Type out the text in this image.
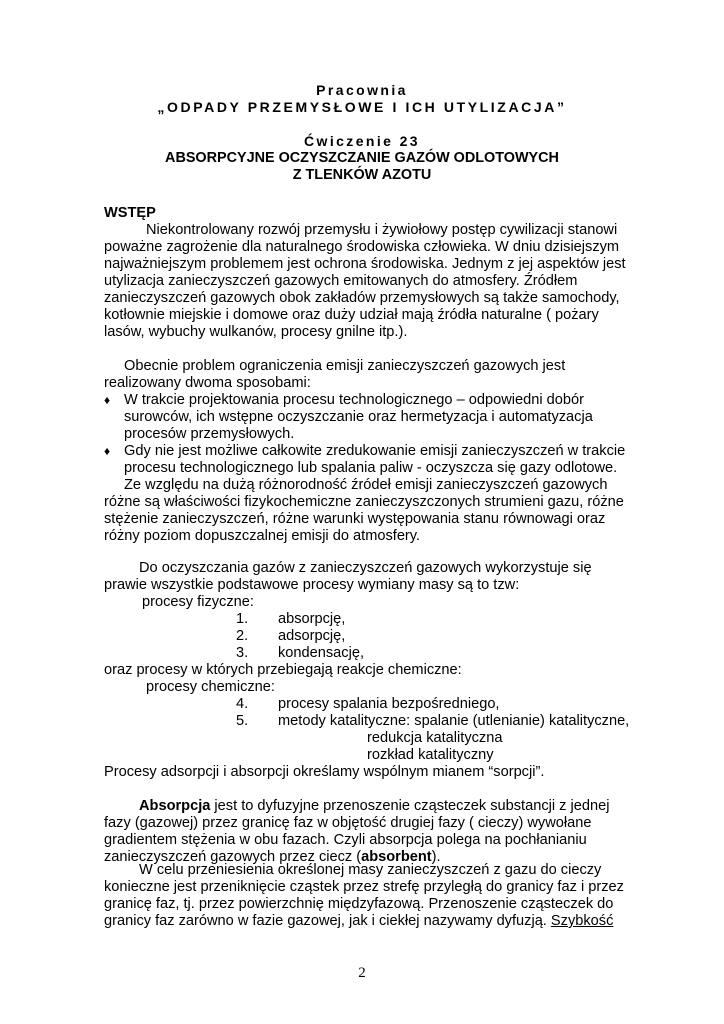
Pracownia
„ODPADY PRZEMYSŁOWE I ICH UTYLIZACJA”
Ćwiczenie 23
ABSORPCYJNE OCZYSZCZANIE GAZÓW ODLOTOWYCH
Z TLENKÓW AZOTU
WSTĘP
Niekontrolowany rozwój przemysłu i żywiołowy postęp cywilizacji stanowi
poważne zagrożenie dla naturalnego środowiska człowieka. W dniu dzisiejszym
najważniejszym problemem jest ochrona środowiska. Jednym z jej aspektów jest
utylizacja zanieczyszczeń gazowych emitowanych do atmosfery. Źródłem
zanieczyszczeń gazowych obok zakładów przemysłowych są także samochody,
kotłownie miejskie i domowe oraz duży udział mają źródła naturalne ( pożary
lasów, wybuchy wulkanów, procesy gnilne itp.).
Obecnie problem ograniczenia emisji zanieczyszczeń gazowych jest
realizowany dwoma sposobami:
♦ W trakcie projektowania procesu technologicznego – odpowiedni dobór
surowców, ich wstępne oczyszczanie oraz hermetyzacja i automatyzacja
procesów przemysłowych.
♦ Gdy nie jest możliwe całkowite zredukowanie emisji zanieczyszczeń w trakcie
procesu technologicznego lub spalania paliw - oczyszcza się gazy odlotowe.
Ze względu na dużą różnorodność źródeł emisji zanieczyszczeń gazowych
różne są właściwości fizykochemiczne zanieczyszczonych strumieni gazu, różne
stężenie zanieczyszczeń, różne warunki występowania stanu równowagi oraz
różny poziom dopuszczalnej emisji do atmosfery.
Do oczyszczania gazów z zanieczyszczeń gazowych wykorzystuje się
prawie wszystkie podstawowe procesy wymiany masy są to tzw:
procesy fizyczne:
1. absorpcję,
2. adsorpcję,
3. kondensację,
oraz procesy w których przebiegają reakcje chemiczne:
procesy chemiczne:
4. procesy spalania bezpośredniego,
5. metody katalityczne: spalanie (utlenianie) katalityczne,
redukcja katalityczna
rozkład katalityczny
Procesy adsorpcji i absorpcji określamy wspólnym mianem “sorpcji”.
Absorpcja jest to dyfuzyjne przenoszenie cząsteczek substancji z jednej
fazy (gazowej) przez granicę faz w objętość drugiej fazy ( cieczy) wywołane
gradientem stężenia w obu fazach. Czyli absorpcja polega na pochłanianiu
zanieczyszczeń gazowych przez ciecz (absorbent).
W celu przeniesienia określonej masy zanieczyszczeń z gazu do cieczy
konieczne jest przeniknięcie cząstek przez strefę przyległą do granicy faz i przez
granicę faz, tj. przez powierzchnię międzyfazową. Przenoszenie cząsteczek do
granicy faz zarówno w fazie gazowej, jak i ciekłej nazywamy dyfuzją. Szybkość
2
